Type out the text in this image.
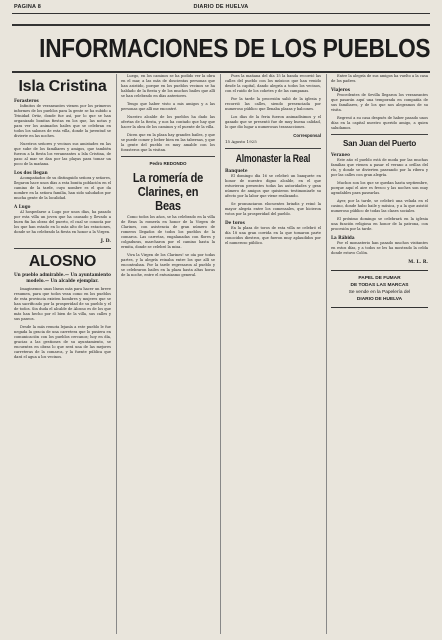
PAGINA 8	DIARIO DE HUELVA
INFORMACIONES DE LOS PUEBLOS
Isla Cristina
Forasteros

Infinitos de veraneantes vienen por los primeros informes de los pueblos para la gente se ha subido a Trinidad Ortiz, donde fue así, por lo que se han organizado bonitas fiestas en los que, las notas y para ver los animados bailes que se celebran en todos los salones de esta villa, donde la juventud se divierte en las noches.

Nuestros señores y vecinos sus amistades en las que sube de los familiares y amigos, que también fueron a la fiesta los veraneantes a Isla Cristina, de paso al mar se dan por las playas para tomar un poco de la mañana.

Los dos llegan

Acompañados de su distinguido señora y señores, llegaron hace unos días a esta bonita población en el camino de la tarde, cuyo nombre es el que da nombre en la señora familia, han sido saludados por mucha gente de la localidad.

A Lugo

Al hospedarse a Lugo por unos días, ha pasado por esta villa un joven que ha causado y llevado a buen fin las obras del puerto, el cual se conocía por los que han estado en lo más alto de las estaciones, donde se ha celebrado la fiesta en honor a la Virgen.

J. D.
ALOSNO
Un pueblo admirable.— Un ayuntamiento modelo.— Un alcalde ejemplar.

Imaginemos unas líneas más para hacer un breve resumen, para que todos vean como en los pueblos de esta provincia existen hombres y mujeres que se han sacrificado por la prosperidad de su pueblo y el de todos. Sin duda el alcalde de Alosno es de los que más han hecho por el bien de la villa, sus calles y sus paseos.

Desde la más remota lejanía a este pueblo le fue negada la gracia de una carretera que lo pusiera en comunicación con los pueblos cercanos; hoy en día, gracias a las gestiones de su ayuntamiento, se encuentra en obras lo que será una de las mejores carreteras de la comarca, y la fuente pública que dará el agua a los vecinos.

Luego, en los caminos se ha podido ver la obra en el mar, a las más de doscientas personas que han asistido, porque en los pueblos vecinos se ha hablado de la fiesta y de los muchos bailes que allí se han celebrado en días anteriores.

Tengo que haber visto a mis amigos y a las personas que allí me encontré.

Nuestro alcalde de los pueblos ha dado las ofertas de la fiesta, y nos ha contado que hay que hacer la obra de los caminos y el puente de la villa.

Dicen que en la plaza hay grandes bailes, y que se puede comer y beber bien en las tabernas, y que la gente del pueblo es muy amable con los forasteros que la visitan.

Pedro REDONDO
La romería de Clarines, en Beas

Como todos los años, se ha celebrado en la villa de Beas la romería en honor de la Virgen de Clarines, con asistencia de gran número de romeros llegados de todos los pueblos de la comarca. Las carretas, engalanadas con flores y colgaduras, marcharon por el camino hasta la ermita, donde se celebró la misa.

Viva la Virgen de los Clarines! se oía por todas partes, y la alegría reinaba entre los que allí se encontraban. Por la tarde regresaron al pueblo y se celebraron bailes en la plaza hasta altas horas de la noche, entre el entusiasmo general.

Pues la mañana del día 15 la banda recorrió las calles del pueblo con los músicos que han venido desde la capital, dando alegría a todos los vecinos, con el ruido de los cohetes y de las campanas.

Por la tarde la procesión salió de la iglesia y recorrió las calles, siendo presenciada por numeroso público que llenaba plazas y balcones.

Los días de la feria fueron animadísimos y el ganado que se presentó fue de muy buena calidad, lo que dio lugar a numerosas transacciones.

Corresponsal
15 Agosto 1925
Almonaster la Real
Banquete

El domingo día 16 se celebró un banquete en honor de nuestro digno alcalde, en el que estuvieron presentes todas las autoridades y gran número de amigos que quisieron testimoniarle su afecto por la labor que viene realizando.

Se pronunciaron elocuentes brindis y reinó la mayor alegría entre los comensales, que hicieron votos por la prosperidad del pueblo.

De toros

En la plaza de toros de esta villa se celebró el día 18 una gran corrida en la que tomaron parte conocidos diestros, que fueron muy aplaudidos por el numeroso público.

Entre la alegría de sus amigos ha vuelto a la casa de los padres.

Viajeros

Procedentes de Sevilla llegaron los veraneantes que pasarán aquí una temporada en compañía de sus familiares, y de los que nos alegramos de su visita.

Regresó a su casa después de haber pasado unos días en la capital nuestro querido amigo, a quien saludamos.

San Juan del Puerto
Veraneo

Este año el pueblo está de moda por las muchas familias que vienen a pasar el verano a orillas del río, y donde se divierten paseando por la ribera y por las calles con gran alegría.

Muchos son los que se quedan hasta septiembre, porque aquí el aire es fresco y las noches son muy agradables para pasearlas.

Ayer, por la tarde, se celebró una velada en el casino, donde hubo baile y música, y a la que asistió numeroso público de todas las clases sociales.

El próximo domingo se celebrará en la iglesia una función religiosa en honor de la patrona, con procesión por la tarde.

La Rábida

Por el monasterio han pasado muchos visitantes en estos días, y a todos se les ha mostrado la celda donde estuvo Colón.

M. L. R.
PAPEL DE FUMAR
DE TODAS LAS MARCAS
Se vende en la Papelería del
DIARIO DE HUELVA
